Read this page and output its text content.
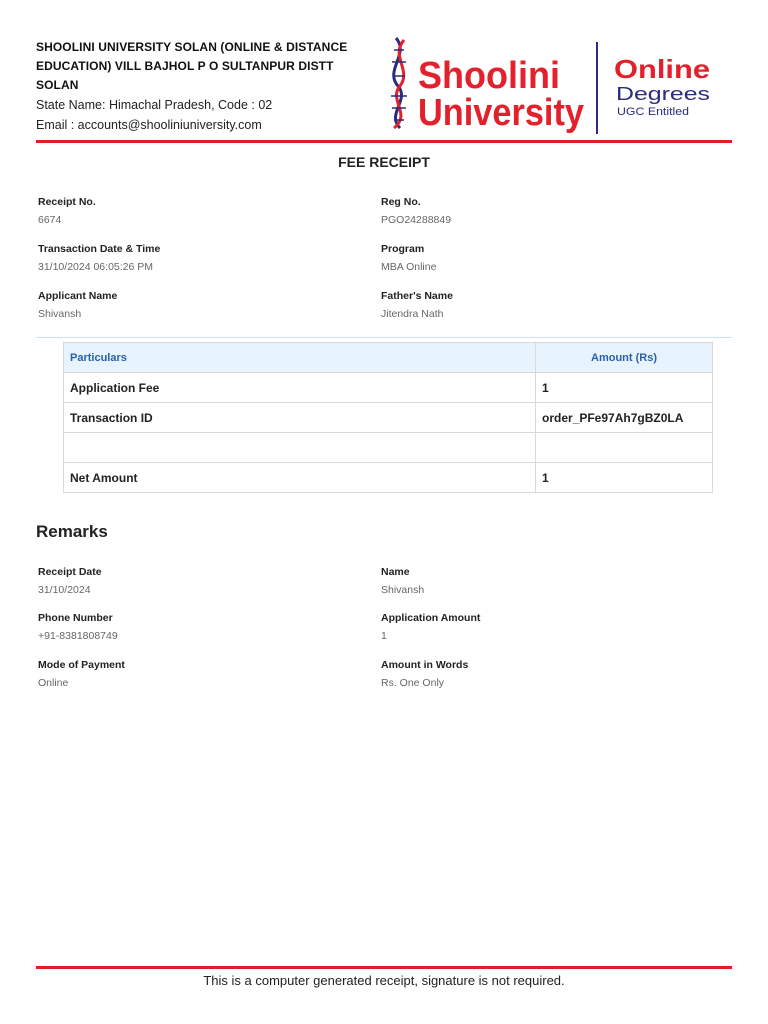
SHOOLINI UNIVERSITY SOLAN (ONLINE & DISTANCE EDUCATION) VILL BAJHOL P O SULTANPUR DISTT SOLAN
State Name: Himachal Pradesh, Code : 02
Email : accounts@shooliniuniversity.com
Shoolini
University
Online
Degrees
UGC Entitled
FEE RECEIPT
Receipt No.
6674
Reg No.
PGO24288849
Transaction Date & Time
31/10/2024 06:05:26 PM
Program
MBA Online
Applicant Name
Shivansh
Father's Name
Jitendra Nath
Particulars	Amount (Rs)
Application Fee	1
Transaction ID	order_PFe97Ah7gBZ0LA

Net Amount	1
Remarks
Receipt Date
31/10/2024
Name
Shivansh
Phone Number
+91-8381808749
Application Amount
1
Mode of Payment
Online
Amount in Words
Rs. One Only
This is a computer generated receipt, signature is not required.
